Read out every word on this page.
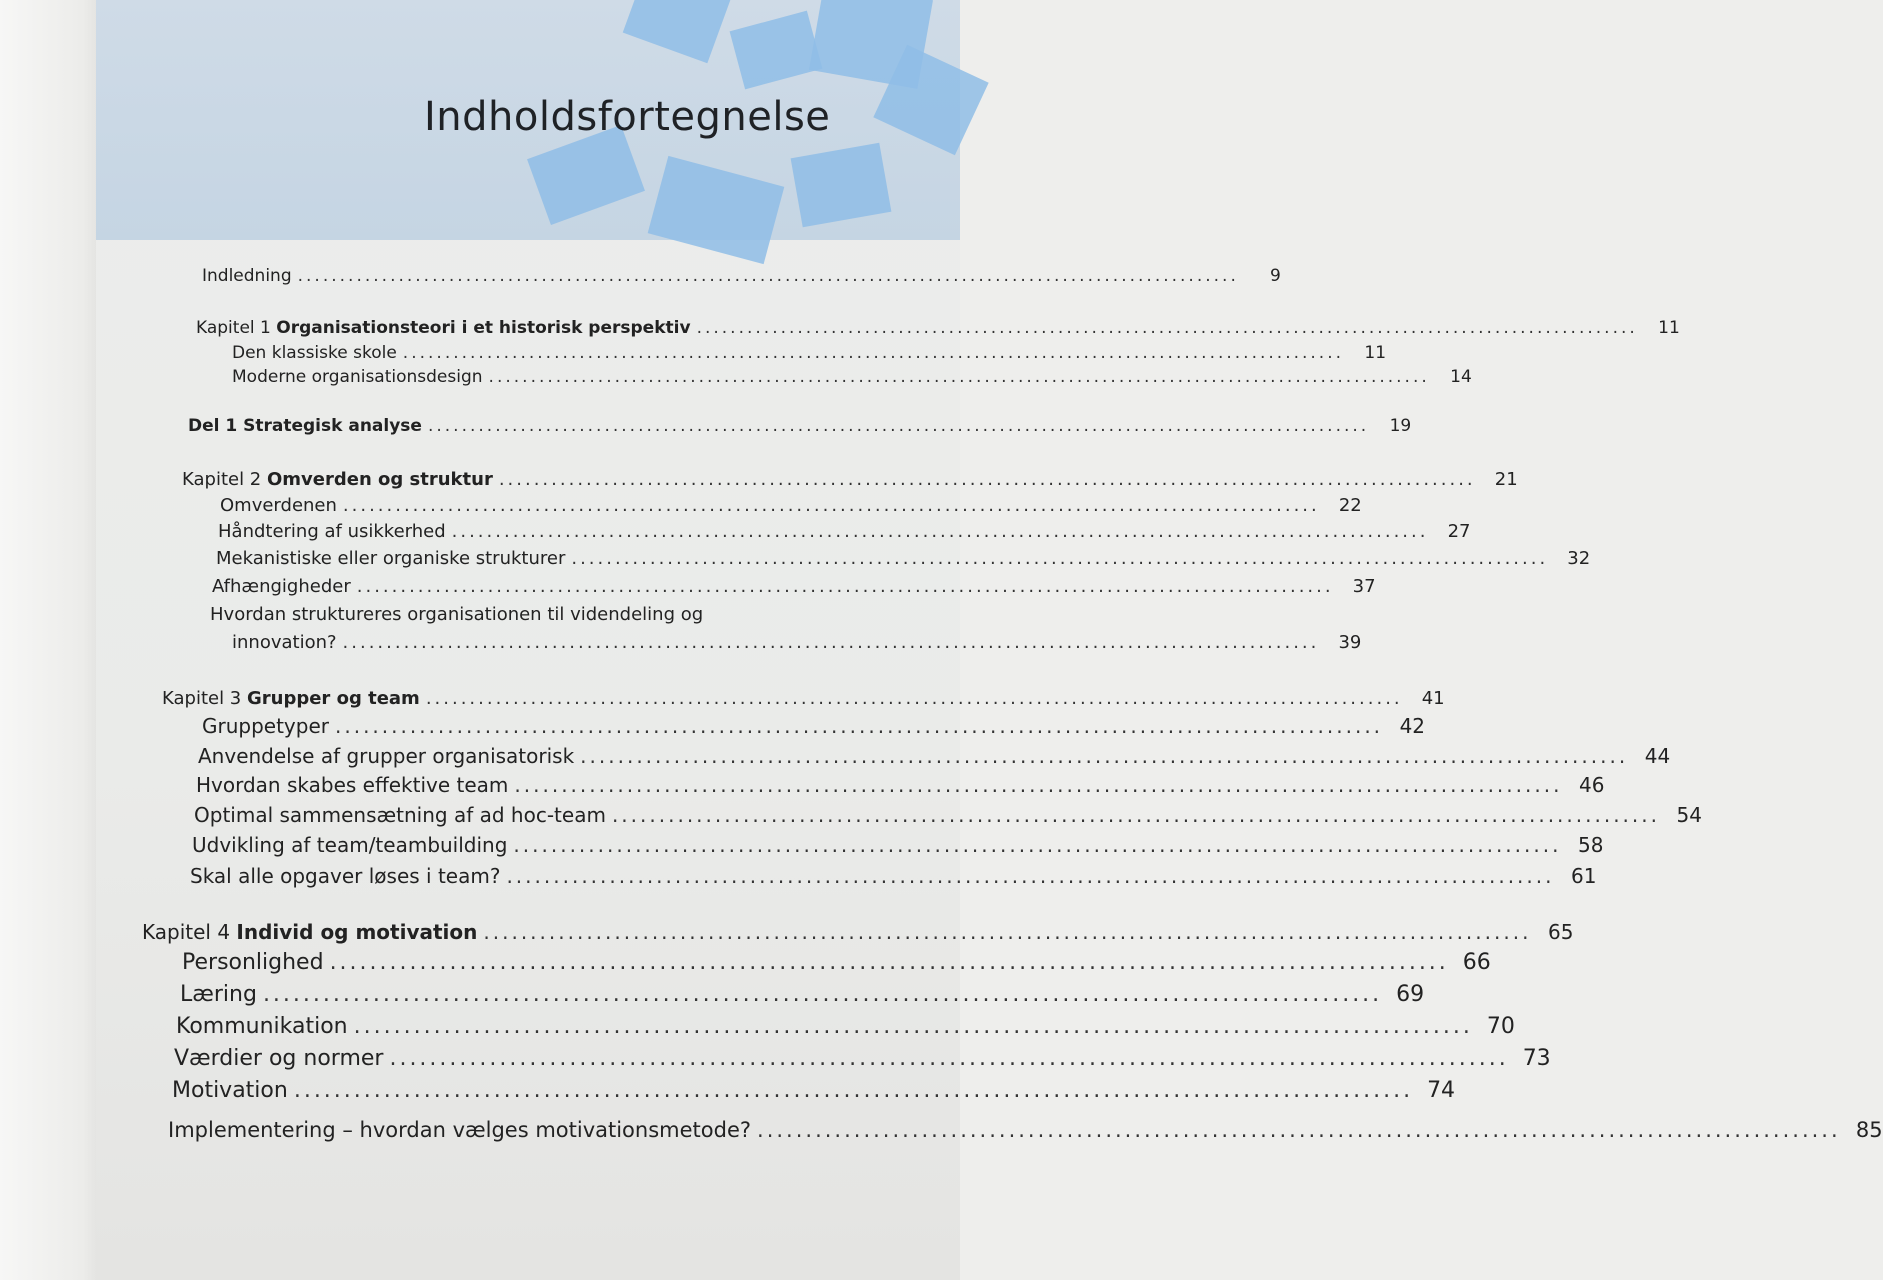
Indholdsfortegnelse
Indledning ................................................................................................................	9
Kapitel 1 Organisationsteori i et historisk perspektiv ................................................................................................................	11
Den klassiske skole ................................................................................................................	11
Moderne organisationsdesign ................................................................................................................	14
Del 1 Strategisk analyse ................................................................................................................	19
Kapitel 2 Omverden og struktur ................................................................................................................	21
Omverdenen ................................................................................................................	22
Håndtering af usikkerhed ................................................................................................................	27
Mekanistiske eller organiske strukturer ................................................................................................................	32
Afhængigheder ................................................................................................................	37
Hvordan struktureres organisationen til videndeling og
innovation? ................................................................................................................	39
Kapitel 3 Grupper og team ................................................................................................................	41
Gruppetyper ................................................................................................................ 42
Anvendelse af grupper organisatorisk ................................................................................................................ 44
Hvordan skabes effektive team ................................................................................................................ 46
Optimal sammensætning af ad hoc-team ................................................................................................................ 54
Udvikling af team/teambuilding ................................................................................................................ 58
Skal alle opgaver løses i team? ................................................................................................................ 61
Kapitel 4 Individ og motivation ................................................................................................................ 65
Personlighed ................................................................................................................ 66
Læring ................................................................................................................ 69
Kommunikation ................................................................................................................ 70
Værdier og normer ................................................................................................................ 73
Motivation ................................................................................................................ 74
Implementering – hvordan vælges motivationsmetode? ................................................................................................................ 85
